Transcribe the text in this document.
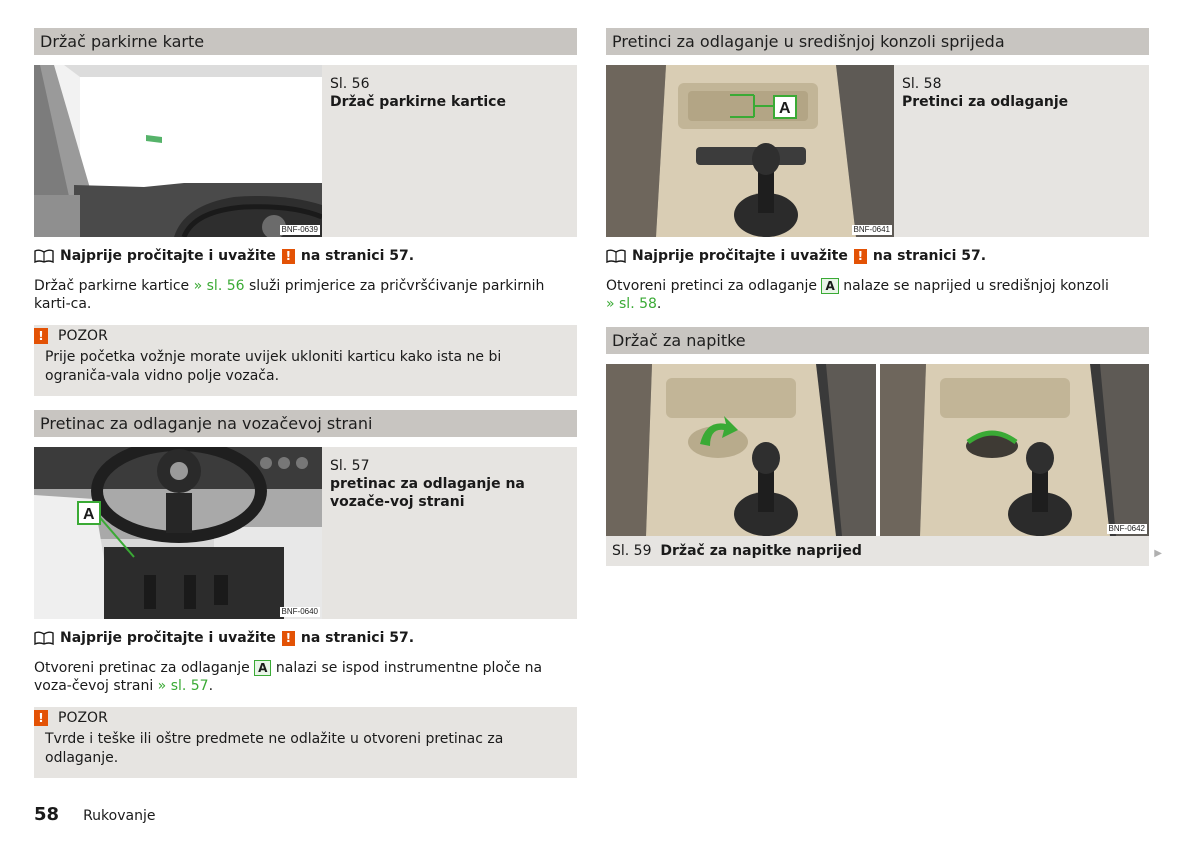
Držač parkirne karte
BNF-0639
Sl. 56
Držač parkirne kartice
Najprije pročitajte i uvažite ! na stranici 57.

Držač parkirne kartice » sl. 56 služi primjerice za pričvršćivanje parkirnih karti-ca.

!	POZOR
Prije početka vožnje morate uvijek ukloniti karticu kako ista ne bi ograniča-vala vidno polje vozača.
Pretinac za odlaganje na vozačevoj strani
A
BNF-0640
Sl. 57
pretinac za odlaganje na vozače-voj strani
Najprije pročitajte i uvažite ! na stranici 57.

Otvoreni pretinac za odlaganje A nalazi se ispod instrumentne ploče na voza-čevoj strani » sl. 57.

!	POZOR
Tvrde i teške ili oštre predmete ne odlažite u otvoreni pretinac za odlaganje.
Pretinci za odlaganje u središnjoj konzoli sprijeda
A
BNF-0641
Sl. 58
Pretinci za odlaganje
Najprije pročitajte i uvažite ! na stranici 57.

Otvoreni pretinci za odlaganje A nalaze se naprijed u središnjoj konzoli
» sl. 58.

Držač za napitke
BNF-0642
Sl. 59 Držač za napitke naprijed	▶
58 Rukovanje
